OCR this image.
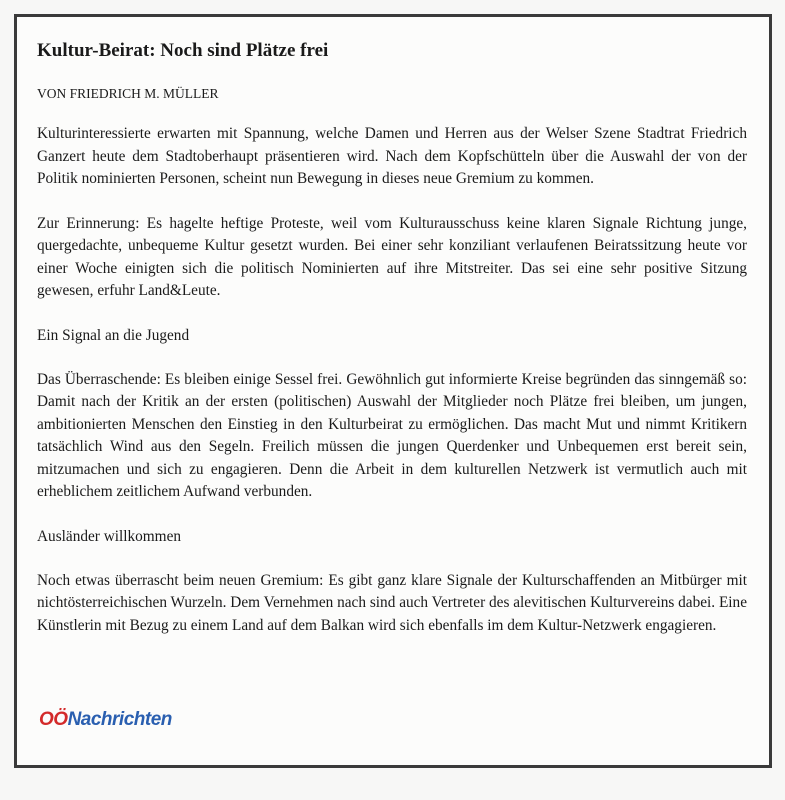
Kultur-Beirat: Noch sind Plätze frei
VON FRIEDRICH M. MÜLLER

Kulturinteressierte erwarten mit Spannung, welche Damen und Herren aus der Welser Szene Stadtrat Friedrich Ganzert heute dem Stadtoberhaupt präsentieren wird. Nach dem Kopfschütteln über die Auswahl der von der Politik nominierten Personen, scheint nun Bewegung in dieses neue Gremium zu kommen.

Zur Erinnerung: Es hagelte heftige Proteste, weil vom Kulturausschuss keine klaren Signale Richtung junge, quergedachte, unbequeme Kultur gesetzt wurden. Bei einer sehr konziliant verlaufenen Beiratssitzung heute vor einer Woche einigten sich die politisch Nominierten auf ihre Mitstreiter. Das sei eine sehr positive Sitzung gewesen, erfuhr Land&Leute.

Ein Signal an die Jugend

Das Überraschende: Es bleiben einige Sessel frei. Gewöhnlich gut informierte Kreise begründen das sinngemäß so: Damit nach der Kritik an der ersten (politischen) Auswahl der Mitglieder noch Plätze frei bleiben, um jungen, ambitionierten Menschen den Einstieg in den Kulturbeirat zu ermöglichen. Das macht Mut und nimmt Kritikern tatsächlich Wind aus den Segeln. Freilich müssen die jungen Querdenker und Unbequemen erst bereit sein, mitzumachen und sich zu engagieren. Denn die Arbeit in dem kulturellen Netzwerk ist vermutlich auch mit erheblichem zeitlichem Aufwand verbunden.

Ausländer willkommen

Noch etwas überrascht beim neuen Gremium: Es gibt ganz klare Signale der Kulturschaffenden an Mitbürger mit nichtösterreichischen Wurzeln. Dem Vernehmen nach sind auch Vertreter des alevitischen Kulturvereins dabei. Eine Künstlerin mit Bezug zu einem Land auf dem Balkan wird sich ebenfalls im dem Kultur-Netzwerk engagieren.

OÖNachrichten
